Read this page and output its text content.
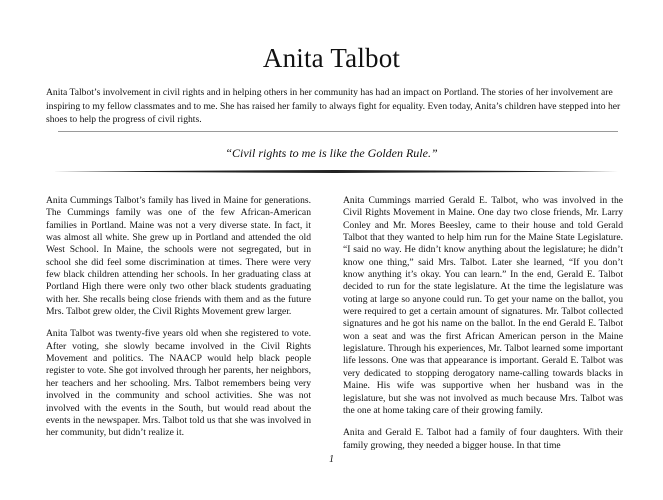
Anita Talbot
Anita Talbot’s involvement in civil rights and in helping others in her community has had an impact on Portland. The stories of her involvement are inspiring to my fellow classmates and to me. She has raised her family to always fight for equality. Even today, Anita’s children have stepped into her shoes to help the progress of civil rights.
“Civil rights to me is like the Golden Rule.”

Anita Cummings Talbot’s family has lived in Maine for generations. The Cummings family was one of the few African-American families in Portland. Maine was not a very diverse state. In fact, it was almost all white. She grew up in Portland and attended the old West School. In Maine, the schools were not segregated, but in school she did feel some discrimination at times. There were very few black children attending her schools. In her graduating class at Portland High there were only two other black students graduating with her. She recalls being close friends with them and as the future Mrs. Talbot grew older, the Civil Rights Movement grew larger.

Anita Talbot was twenty-five years old when she registered to vote. After voting, she slowly became involved in the Civil Rights Movement and politics. The NAACP would help black people register to vote. She got involved through her parents, her neighbors, her teachers and her schooling. Mrs. Talbot remembers being very involved in the community and school activities. She was not involved with the events in the South, but would read about the events in the newspaper. Mrs. Talbot told us that she was involved in her community, but didn’t realize it.

Anita Cummings married Gerald E. Talbot, who was involved in the Civil Rights Movement in Maine. One day two close friends, Mr. Larry Conley and Mr. Mores Beesley, came to their house and told Gerald Talbot that they wanted to help him run for the Maine State Legislature. “I said no way. He didn’t know anything about the legislature; he didn’t know one thing,” said Mrs. Talbot. Later she learned, “If you don’t know anything it’s okay. You can learn.” In the end, Gerald E. Talbot decided to run for the state legislature. At the time the legislature was voting at large so anyone could run. To get your name on the ballot, you were required to get a certain amount of signatures. Mr. Talbot collected signatures and he got his name on the ballot. In the end Gerald E. Talbot won a seat and was the first African American person in the Maine legislature. Through his experiences, Mr. Talbot learned some important life lessons. One was that appearance is important. Gerald E. Talbot was very dedicated to stopping derogatory name-calling towards blacks in Maine. His wife was supportive when her husband was in the legislature, but she was not involved as much because Mrs. Talbot was the one at home taking care of their growing family.

Anita and Gerald E. Talbot had a family of four daughters. With their family growing, they needed a bigger house. In that time

1
